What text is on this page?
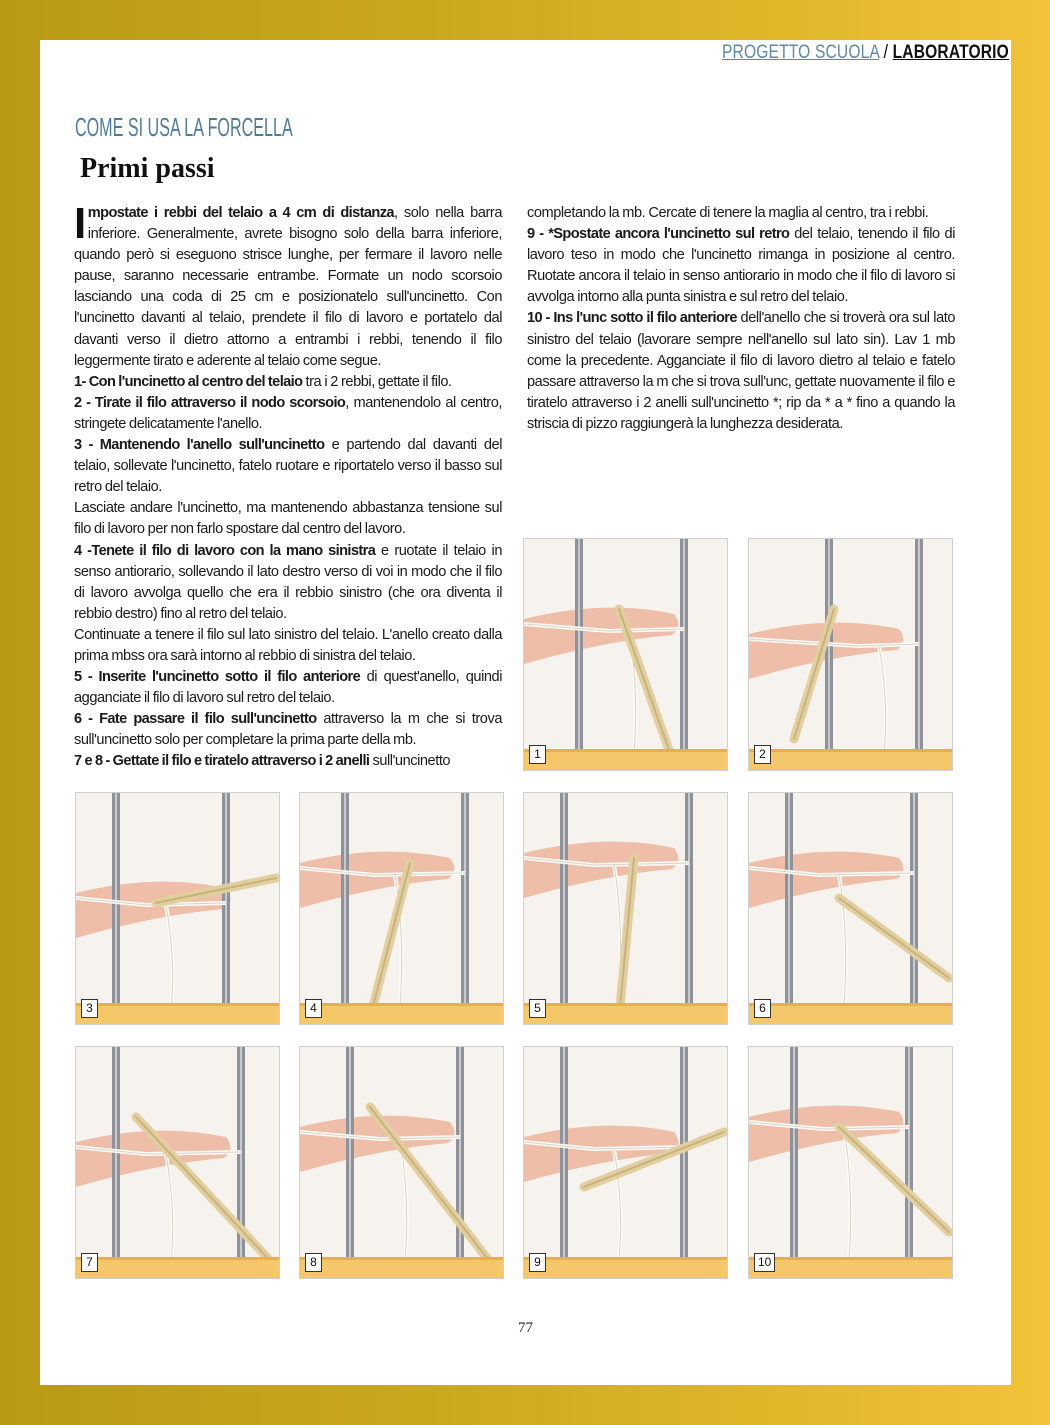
PROGETTO SCUOLA / LABORATORIO
COME SI USA LA FORCELLA
Primi passi

Impostate i rebbi del telaio a 4 cm di distanza, solo nella barra inferiore. Generalmente, avrete bisogno solo della barra inferiore, quando però si eseguono strisce lunghe, per fermare il lavoro nelle pause, saranno necessarie entrambe. Formate un nodo scorsoio lasciando una coda di 25 cm e posizionatelo sull'uncinetto. Con l'uncinetto davanti al telaio, prendete il filo di lavoro e portatelo dal davanti verso il dietro attorno a entrambi i rebbi, tenendo il filo leggermente tirato e aderente al telaio come segue.

1- Con l'uncinetto al centro del telaio tra i 2 rebbi, gettate il filo.

2 - Tirate il filo attraverso il nodo scorsoio, mantenendolo al centro, stringete delicatamente l'anello.

3 - Mantenendo l'anello sull'uncinetto e partendo dal davanti del telaio, sollevate l'uncinetto, fatelo ruotare e riportatelo verso il basso sul retro del telaio.

Lasciate andare l'uncinetto, ma mantenendo abbastanza tensione sul filo di lavoro per non farlo spostare dal centro del lavoro.

4 -Tenete il filo di lavoro con la mano sinistra e ruotate il telaio in senso antiorario, sollevando il lato destro verso di voi in modo che il filo di lavoro avvolga quello che era il rebbio sinistro (che ora diventa il rebbio destro) fino al retro del telaio.

Continuate a tenere il filo sul lato sinistro del telaio. L'anello creato dalla prima mbss ora sarà intorno al rebbio di sinistra del telaio.

5 - Inserite l'uncinetto sotto il filo anteriore di quest'anello, quindi agganciate il filo di lavoro sul retro del telaio.

6 - Fate passare il filo sull'uncinetto attraverso la m che si trova sull'uncinetto solo per completare la prima parte della mb.

7 e 8 - Gettate il filo e tiratelo attraverso i 2 anelli sull'uncinetto

completando la mb. Cercate di tenere la maglia al centro, tra i rebbi.

9 - *Spostate ancora l'uncinetto sul retro del telaio, tenendo il filo di lavoro teso in modo che l'uncinetto rimanga in posizione al centro. Ruotate ancora il telaio in senso antiorario in modo che il filo di lavoro si avvolga intorno alla punta sinistra e sul retro del telaio.

10 - Ins l'unc sotto il filo anteriore dell'anello che si troverà ora sul lato sinistro del telaio (lavorare sempre nell'anello sul lato sin). Lav 1 mb come la precedente. Agganciate il filo di lavoro dietro al telaio e fatelo passare attraverso la m che si trova sull'unc, gettate nuovamente il filo e tiratelo attraverso i 2 anelli sull'uncinetto *; rip da * a * fino a quando la striscia di pizzo raggiungerà la lunghezza desiderata.

1	2
3	4	5	6
7	8	9	10
77
